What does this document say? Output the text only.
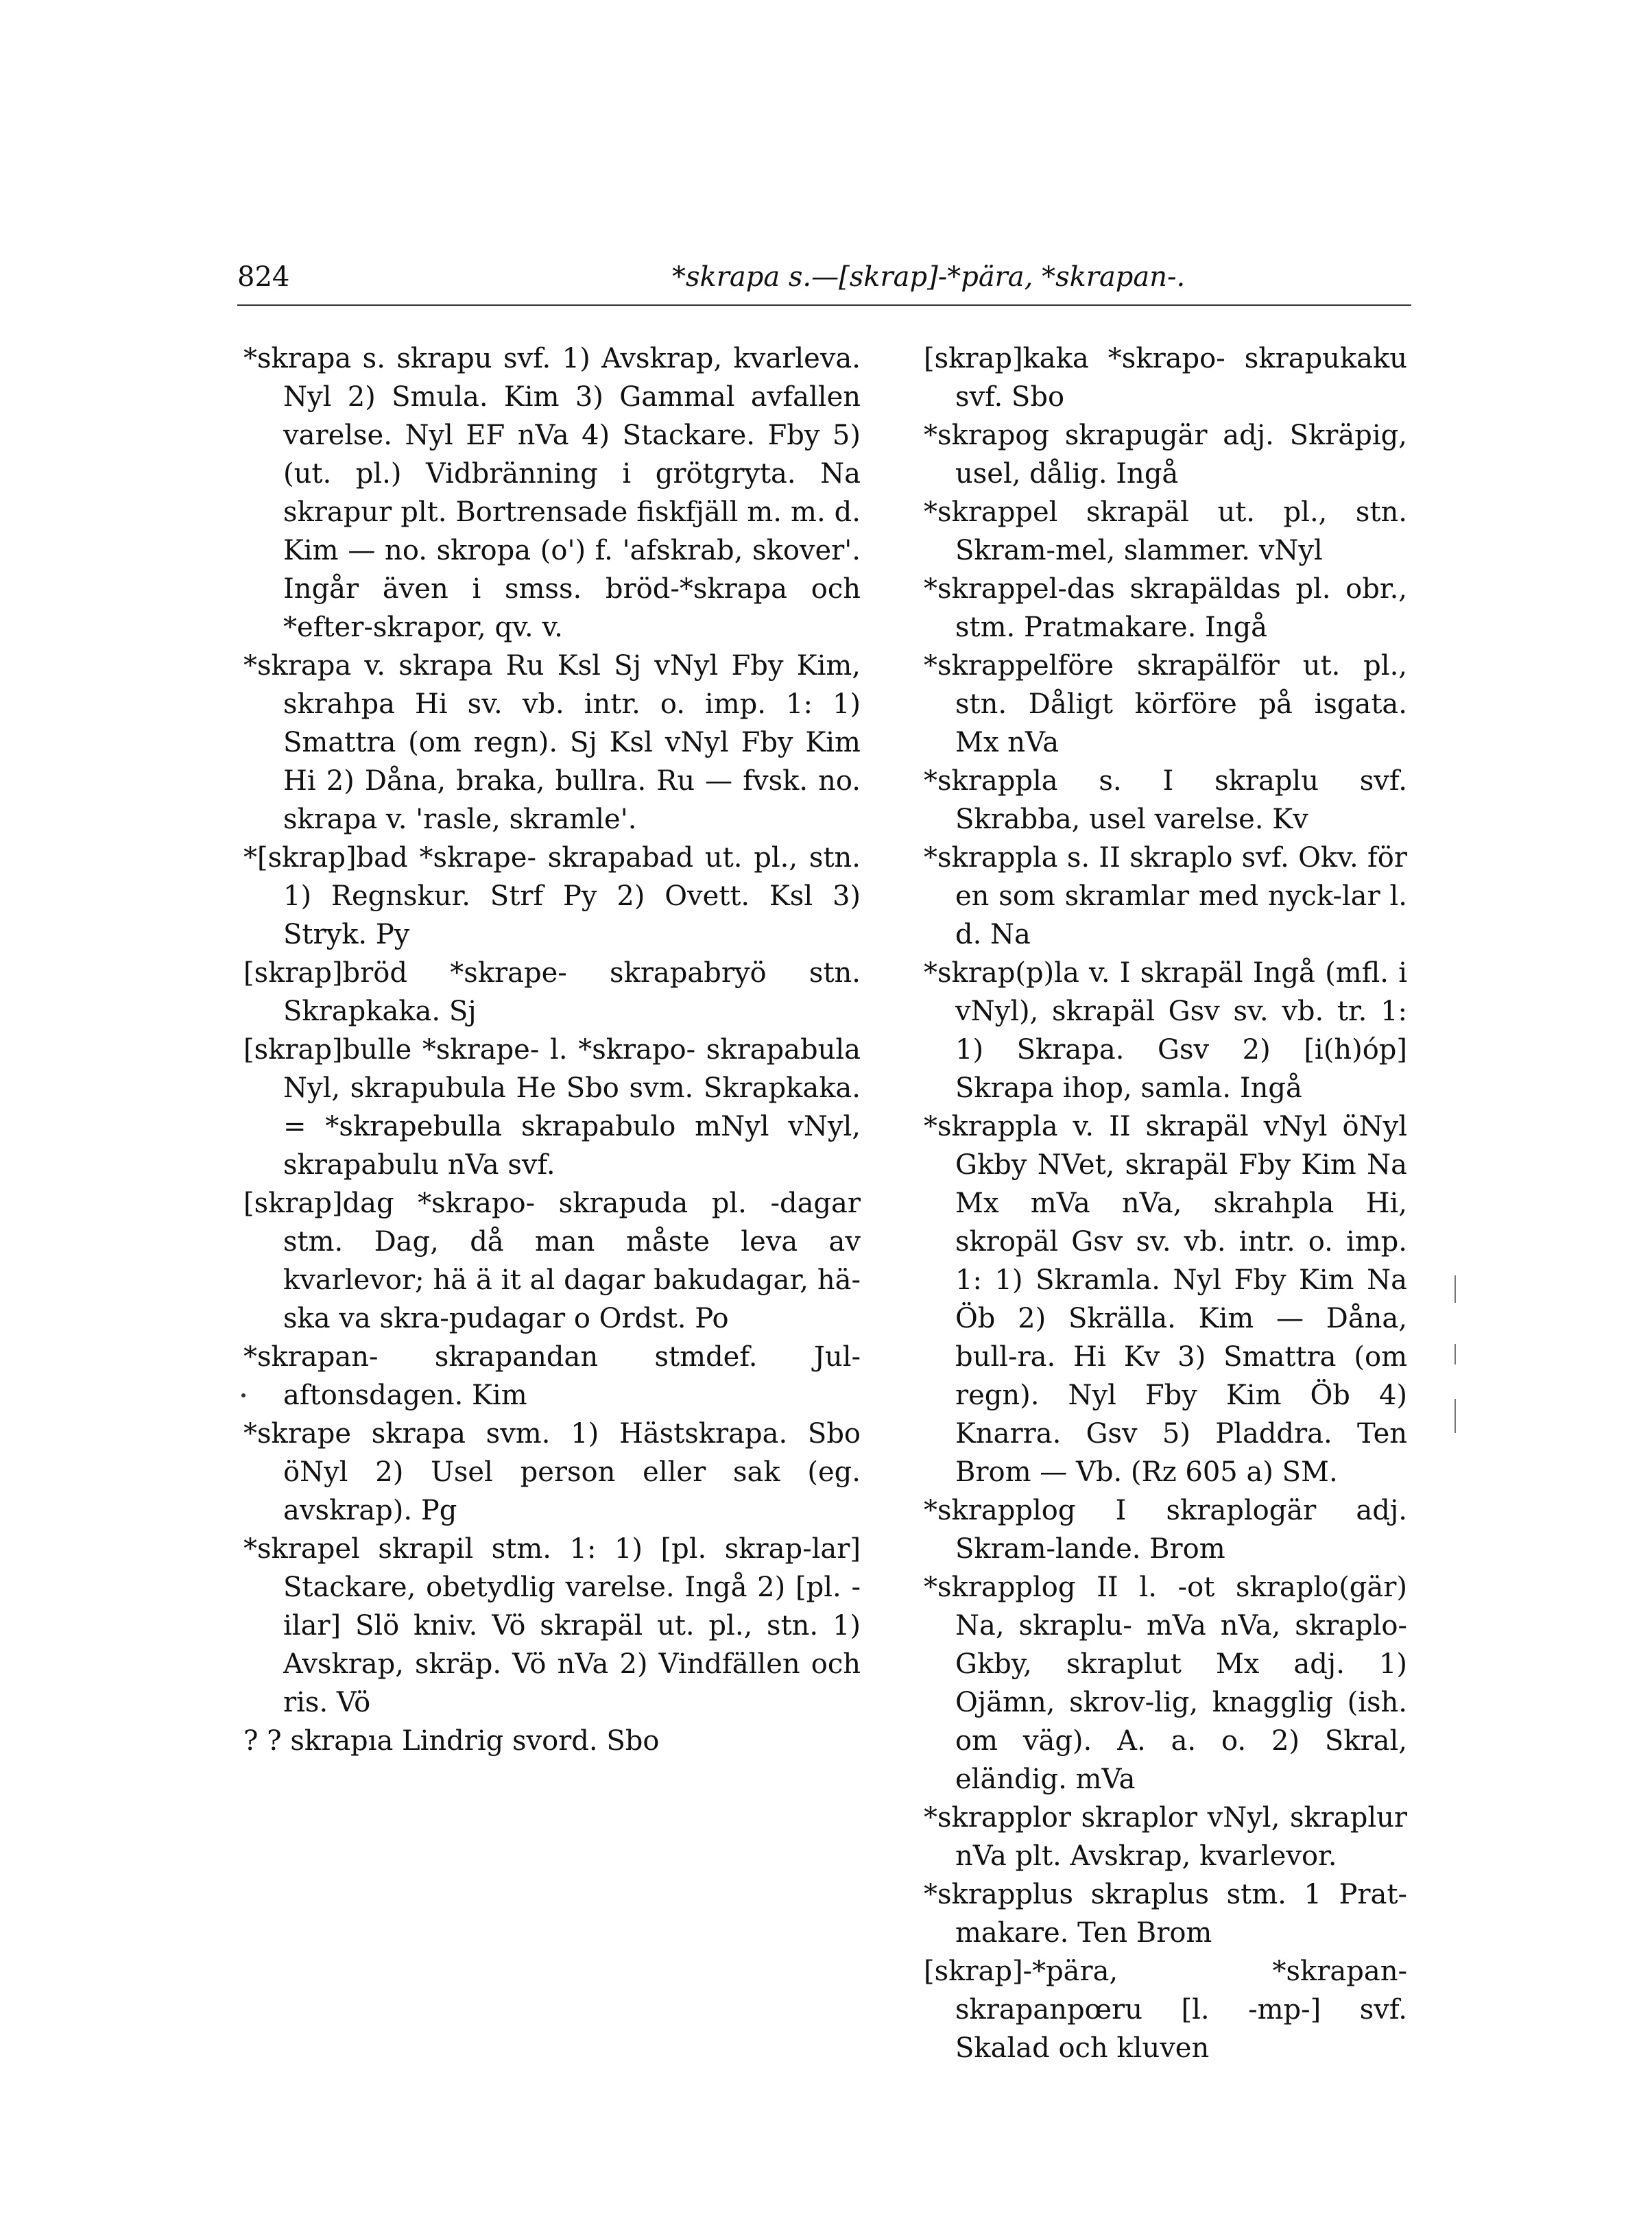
824	*skrapa s.—[skrap]-*pära, *skrapan-.

*skrapa s. skrapu svf. 1) Avskrap, kvarleva. Nyl 2) Smula. Kim 3) Gammal avfallen varelse. Nyl EF nVa 4) Stackare. Fby 5) (ut. pl.) Vidbränning i grötgryta. Na skrapur plt. Bortrensade fiskfjäll m. m. d. Kim — no. skropa (o') f. 'afskrab, skover'. Ingår även i smss. bröd-*skrapa och *efter-skrapor, qv. v.

*skrapa v. skrapa Ru Ksl Sj vNyl Fby Kim, skrahpa Hi sv. vb. intr. o. imp. 1: 1) Smattra (om regn). Sj Ksl vNyl Fby Kim Hi 2) Dåna, braka, bullra. Ru — fvsk. no. skrapa v. 'rasle, skramle'.

*[skrap]bad *skrape- skrapabad ut. pl., stn. 1) Regnskur. Strf Py 2) Ovett. Ksl 3) Stryk. Py

[skrap]bröd *skrape- skrapabryö stn. Skrapkaka. Sj

[skrap]bulle *skrape- l. *skrapo- skrapabula Nyl, skrapubula He Sbo svm. Skrapkaka. = *skrapebulla skrapabulo mNyl vNyl, skrapabulu nVa svf.

[skrap]dag *skrapo- skrapuda pl. -dagar stm. Dag, då man måste leva av kvarlevor; hä ä it al dagar bakudagar, hä-ska va skra-pudagar o Ordst. Po

*skrapan- skrapandan stmdef. Jul-aftonsdagen. Kim

*skrape skrapa svm. 1) Hästskrapa. Sbo öNyl 2) Usel person eller sak (eg. avskrap). Pg

*skrapel skrapil stm. 1: 1) [pl. skrap-lar] Stackare, obetydlig varelse. Ingå 2) [pl. -ilar] Slö kniv. Vö skrapäl ut. pl., stn. 1) Avskrap, skräp. Vö nVa 2) Vindfällen och ris. Vö

? ? skrapıa Lindrig svord. Sbo

[skrap]kaka *skrapo- skrapukaku svf. Sbo

*skrapog skrapugär adj. Skräpig, usel, dålig. Ingå

*skrappel skrapäl ut. pl., stn. Skram-mel, slammer. vNyl

*skrappel-das skrapäldas pl. obr., stm. Pratmakare. Ingå

*skrappelföre skrapälför ut. pl., stn. Dåligt körföre på isgata. Mx nVa

*skrappla s. I skraplu svf. Skrabba, usel varelse. Kv

*skrappla s. II skraplo svf. Okv. för en som skramlar med nyck-lar l. d. Na

*skrap(p)la v. I skrapäl Ingå (mfl. i vNyl), skrapäl Gsv sv. vb. tr. 1: 1) Skrapa. Gsv 2) [i(h)óp] Skrapa ihop, samla. Ingå

*skrappla v. II skrapäl vNyl öNyl Gkby NVet, skrapäl Fby Kim Na Mx mVa nVa, skrahpla Hi, skropäl Gsv sv. vb. intr. o. imp. 1: 1) Skramla. Nyl Fby Kim Na Öb 2) Skrälla. Kim — Dåna, bull-ra. Hi Kv 3) Smattra (om regn). Nyl Fby Kim Öb 4) Knarra. Gsv 5) Pladdra. Ten Brom — Vb. (Rz 605 a) SM.

*skrapplog I skraplogär adj. Skram-lande. Brom

*skrapplog II l. -ot skraplo(gär) Na, skraplu- mVa nVa, skraplo- Gkby, skraplut Mx adj. 1) Ojämn, skrov-lig, knagglig (ish. om väg). A. a. o. 2) Skral, eländig. mVa

*skrapplor skraplor vNyl, skraplur nVa plt. Avskrap, kvarlevor.

*skrapplus skraplus stm. 1 Prat-makare. Ten Brom

[skrap]-*pära, *skrapan- skrapanpœru [l. -mp-] svf. Skalad och kluven
